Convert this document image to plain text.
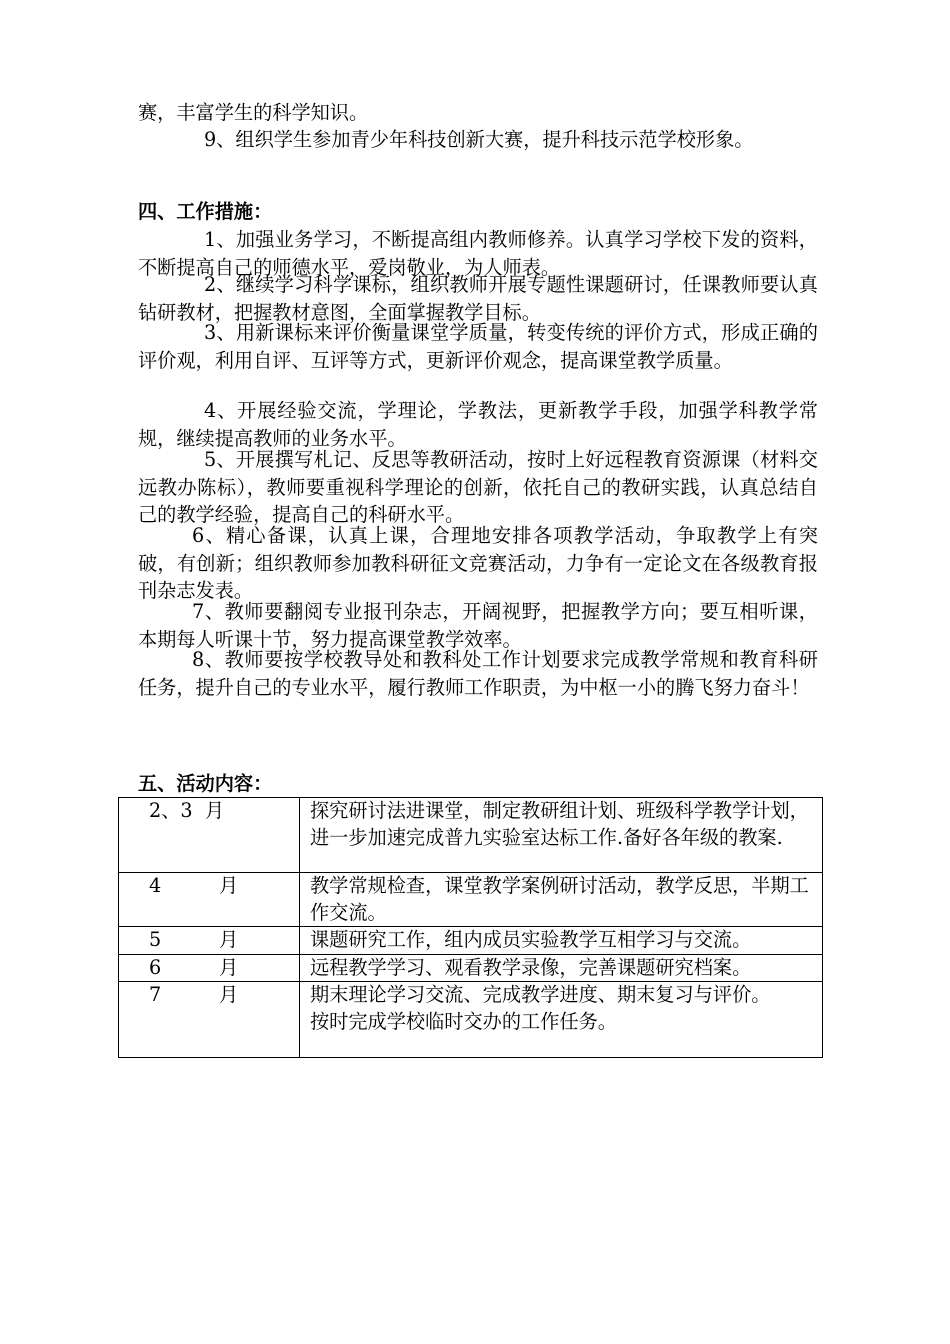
赛，丰富学生的科学知识。

9、组织学生参加青少年科技创新大赛，提升科技示范学校形象。

四、工作措施：

1、加强业务学习，不断提高组内教师修养。认真学习学校下发的资料，不断提高自己的师德水平，爱岗敬业，为人师表。

2、继续学习科学课标，组织教师开展专题性课题研讨，任课教师要认真钻研教材，把握教材意图，全面掌握教学目标。

3、用新课标来评价衡量课堂学质量，转变传统的评价方式，形成正确的评价观，利用自评、互评等方式，更新评价观念，提高课堂教学质量。

4、开展经验交流，学理论，学教法，更新教学手段，加强学科教学常规，继续提高教师的业务水平。

5、开展撰写札记、反思等教研活动，按时上好远程教育资源课（材料交远教办陈标），教师要重视科学理论的创新，依托自己的教研实践，认真总结自己的教学经验，提高自己的科研水平。

6、精心备课，认真上课，合理地安排各项教学活动，争取教学上有突破，有创新；组织教师参加教科研征文竞赛活动，力争有一定论文在各级教育报刊杂志发表。

7、教师要翻阅专业报刊杂志，开阔视野，把握教学方向；要互相听课，本期每人听课十节，努力提高课堂教学效率。

8、教师要按学校教导处和教科处工作计划要求完成教学常规和教育科研任务，提升自己的专业水平，履行教师工作职责，为中枢一小的腾飞努力奋斗！

五、活动内容：

2、3 月	探究研讨法进课堂，制定教研组计划、班级科学教学计划，进一步加速完成普九实验室达标工作.备好各年级的教案.
4 月	教学常规检查，课堂教学案例研讨活动，教学反思，半期工作交流。
5 月	课题研究工作，组内成员实验教学互相学习与交流。
6 月	远程教学学习、观看教学录像，完善课题研究档案。
7 月	期末理论学习交流、完成教学进度、期末复习与评价。
按时完成学校临时交办的工作任务。
